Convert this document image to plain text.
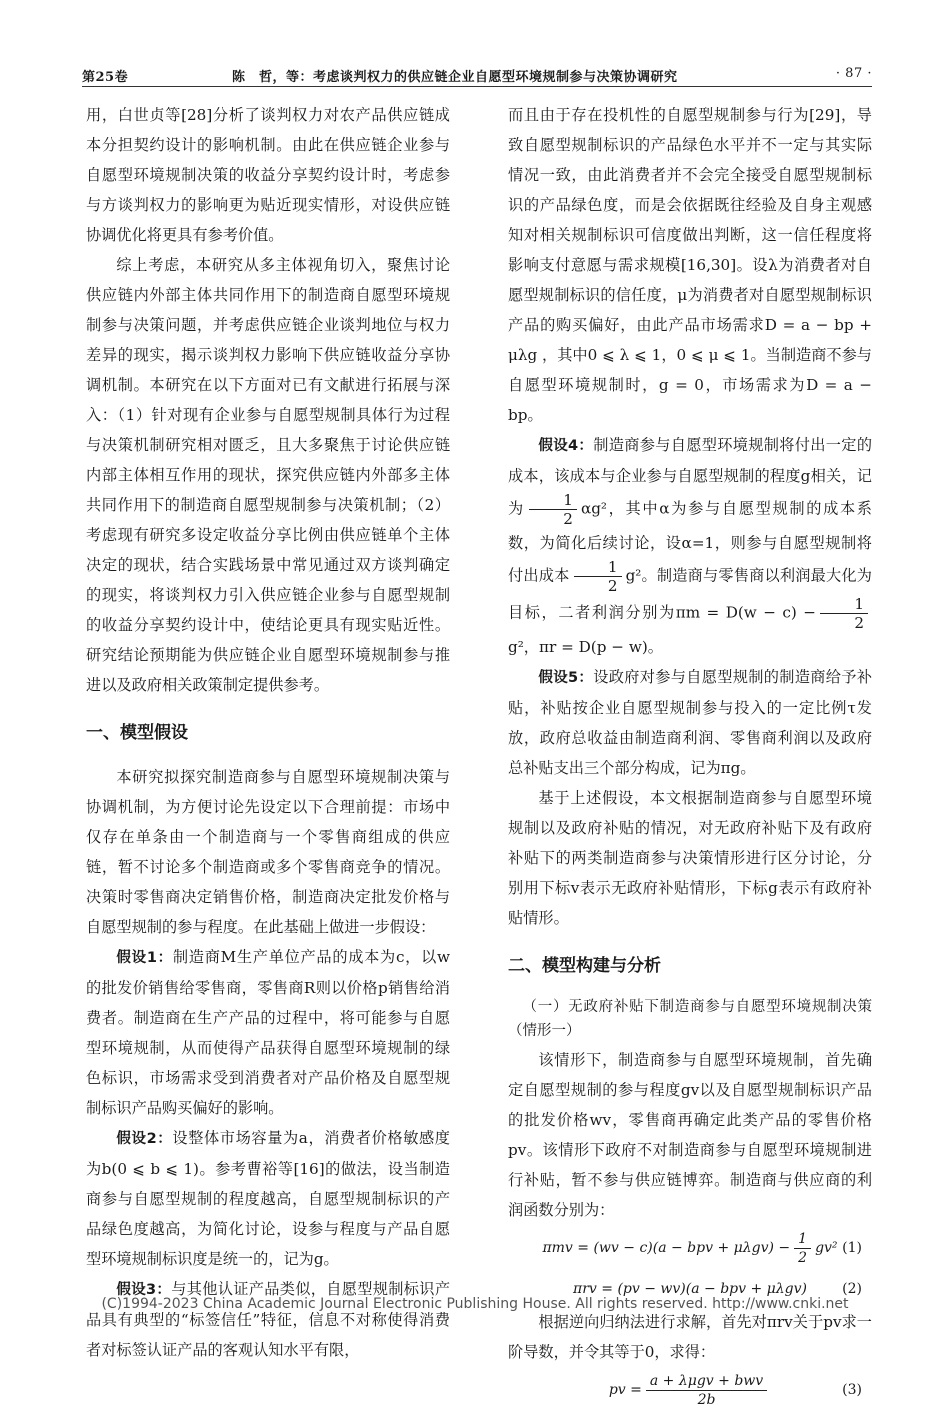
第25卷	陈　哲，等：考虑谈判权力的供应链企业自愿型环境规制参与决策协调研究	· 87 ·

用，白世贞等[28]分析了谈判权力对农产品供应链成本分担契约设计的影响机制。由此在供应链企业参与自愿型环境规制决策的收益分享契约设计时，考虑参与方谈判权力的影响更为贴近现实情形，对设供应链协调优化将更具有参考价值。

综上考虑，本研究从多主体视角切入，聚焦讨论供应链内外部主体共同作用下的制造商自愿型环境规制参与决策问题，并考虑供应链企业谈判地位与权力差异的现实，揭示谈判权力影响下供应链收益分享协调机制。本研究在以下方面对已有文献进行拓展与深入：（1）针对现有企业参与自愿型规制具体行为过程与决策机制研究相对匮乏，且大多聚焦于讨论供应链内部主体相互作用的现状，探究供应链内外部多主体共同作用下的制造商自愿型规制参与决策机制；（2）考虑现有研究多设定收益分享比例由供应链单个主体决定的现状，结合实践场景中常见通过双方谈判确定的现实，将谈判权力引入供应链企业参与自愿型规制的收益分享契约设计中，使结论更具有现实贴近性。研究结论预期能为供应链企业自愿型环境规制参与推进以及政府相关政策制定提供参考。

一、模型假设

本研究拟探究制造商参与自愿型环境规制决策与协调机制，为方便讨论先设定以下合理前提：市场中仅存在单条由一个制造商与一个零售商组成的供应链，暂不讨论多个制造商或多个零售商竞争的情况。决策时零售商决定销售价格，制造商决定批发价格与自愿型规制的参与程度。在此基础上做进一步假设：

假设1：制造商M生产单位产品的成本为c，以w的批发价销售给零售商，零售商R则以价格p销售给消费者。制造商在生产产品的过程中，将可能参与自愿型环境规制，从而使得产品获得自愿型环境规制的绿色标识，市场需求受到消费者对产品价格及自愿型规制标识产品购买偏好的影响。

假设2：设整体市场容量为a，消费者价格敏感度为b(0 ⩽ b ⩽ 1)。参考曹裕等[16]的做法，设当制造商参与自愿型规制的程度越高，自愿型规制标识的产品绿色度越高，为简化讨论，设参与程度与产品自愿型环境规制标识度是统一的，记为g。

假设3：与其他认证产品类似，自愿型规制标识产品具有典型的“标签信任”特征，信息不对称使得消费者对标签认证产品的客观认知水平有限，

而且由于存在投机性的自愿型规制参与行为[29]，导致自愿型规制标识的产品绿色水平并不一定与其实际情况一致，由此消费者并不会完全接受自愿型规制标识的产品绿色度，而是会依据既往经验及自身主观感知对相关规制标识可信度做出判断，这一信任程度将影响支付意愿与需求规模[16,30]。设λ为消费者对自愿型规制标识的信任度，μ为消费者对自愿型规制标识产品的购买偏好，由此产品市场需求D = a − bp + μλg ，其中0 ⩽ λ ⩽ 1，0 ⩽ μ ⩽ 1。当制造商不参与自愿型环境规制时，g = 0，市场需求为D = a − bp。

假设4：制造商参与自愿型环境规制将付出一定的成本，该成本与企业参与自愿型规制的程度g相关，记为 $\frac{1}{2} \alpha g^2$，其中α为参与自愿型规制的成本系数，为简化后续讨论，设α=1，则参与自愿型规制将付出成本 $\frac{1}{2} g^2$。制造商与零售商以利润最大化为目标，二者利润分别为$\pi m = D(w - c) - \frac{1}{2}$
g²，πr = D(p − w)。

假设5：设政府对参与自愿型规制的制造商给予补贴，补贴按企业自愿型规制参与投入的一定比例τ发放，政府总收益由制造商利润、零售商利润以及政府总补贴支出三个部分构成，记为πg。

基于上述假设，本文根据制造商参与自愿型环境规制以及政府补贴的情况，对无政府补贴下及有政府补贴下的两类制造商参与决策情形进行区分讨论，分别用下标v表示无政府补贴情形，下标g表示有政府补贴情形。

二、模型构建与分析
（一）无政府补贴下制造商参与自愿型环境规制决策（情形一）

该情形下，制造商参与自愿型环境规制，首先确定自愿型规制的参与程度gv以及自愿型规制标识产品的批发价格wv，零售商再确定此类产品的零售价格pv。该情形下政府不对制造商参与自愿型环境规制进行补贴，暂不参与供应链博弈。制造商与供应商的利润函数分别为：

πmv = (wv − c)(a − bpv + $\mu\lambda gv) - \frac{1}{2} gv^2$ (1)
πrv = (pv − wv)(a − bpv + μλgv)	(2)

根据逆向归纳法进行求解，首先对πrv关于pv求一阶导数，并令其等于0，求得：

pv = $\frac{\text{a + λμgv + bwv}}{2b}$	(3)
(C)1994-2023 China Academic Journal Electronic Publishing House. All rights reserved. http://www.cnki.net
